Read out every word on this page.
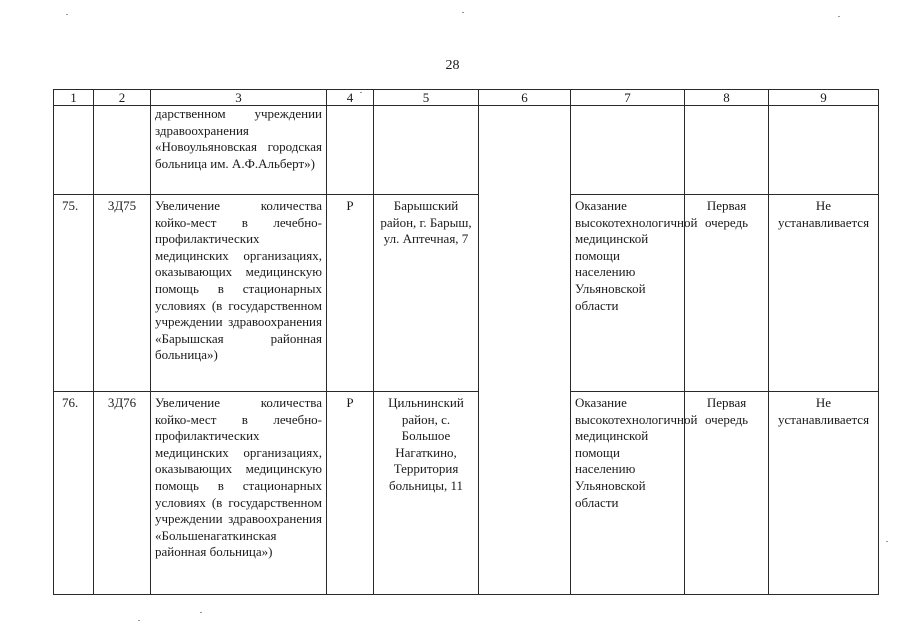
28
1	2	3	4	5	6	7	8	9
		дарственном учреждении здравоохранения «Новоульяновская городская больница им. А.Ф.Альберт»)						
75.	3Д75	Увеличение количества койко-мест в лечебно-профилактических медицинских организациях, оказывающих медицинскую помощь в стационарных условиях (в государственном учреждении здравоохранения «Барышская районная больница»)	Р	Барышский район, г. Барыш, ул. Аптечная, 7		Оказание высокотехнологичной медицинской помощи населению Ульяновской области	Первая очередь	Не устанавливается
76.	3Д76	Увеличение количества койко-мест в лечебно-профилактических медицинских организациях, оказывающих медицинскую помощь в стационарных условиях (в государственном учреждении здравоохранения «Большенагаткинская районная больница»)	Р	Цильнинский район, с. Большое Нагаткино, Территория больницы, 11		Оказание высокотехнологичной медицинской помощи населению Ульяновской области	Первая очередь	Не устанавливается
